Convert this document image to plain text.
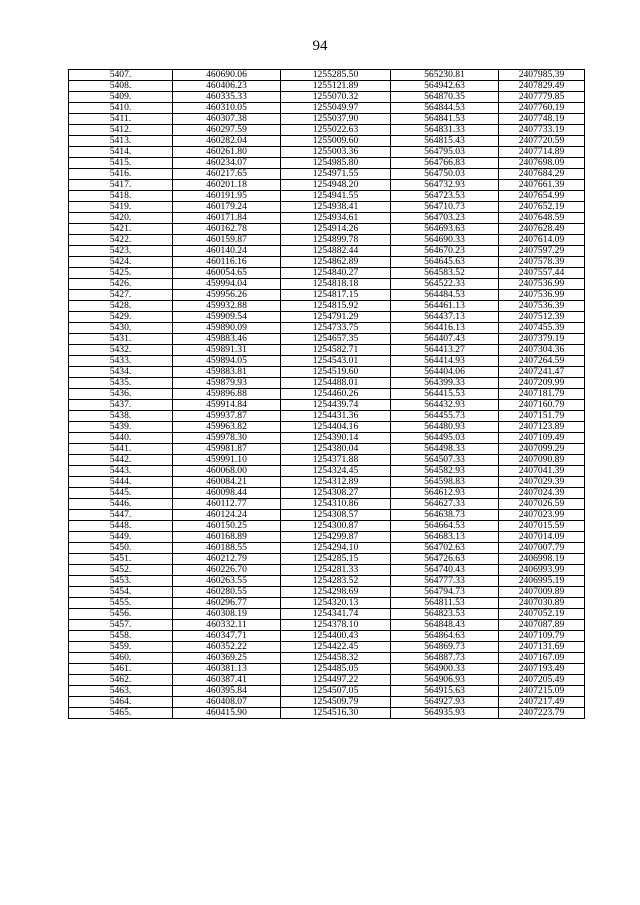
94
5407.	460690.06	1255285.50	565230.81	2407985.39
5408.	460406.23	1255121.89	564942.63	2407829.49
5409.	460335.33	1255070.32	564870.35	2407779.85
5410.	460310.05	1255049.97	564844.53	2407760.19
5411.	460307.38	1255037.90	564841.53	2407748.19
5412.	460297.59	1255022.63	564831.33	2407733.19
5413.	460282.04	1255009.60	564815.43	2407720.59
5414.	460261.80	1255003.36	564795.03	2407714.89
5415.	460234.07	1254985.80	564766.83	2407698.09
5416.	460217.65	1254971.55	564750.03	2407684.29
5417.	460201.18	1254948.20	564732.93	2407661.39
5418.	460191.95	1254941.55	564723.53	2407654.99
5419.	460179.24	1254938.41	564710.73	2407652.19
5420.	460171.84	1254934.61	564703.23	2407648.59
5421.	460162.78	1254914.26	564693.63	2407628.49
5422.	460159.87	1254899.78	564690.33	2407614.09
5423.	460140.24	1254882.44	564670.23	2407597.29
5424.	460116.16	1254862.89	564645.63	2407578.39
5425.	460054.65	1254840.27	564583.52	2407557.44
5426.	459994.04	1254818.18	564522.33	2407536.99
5427.	459956.26	1254817.15	564484.53	2407536.99
5428.	459932.88	1254815.92	564461.13	2407536.39
5429.	459909.54	1254791.29	564437.13	2407512.39
5430.	459890.09	1254733.75	564416.13	2407455.39
5431.	459883.46	1254657.35	564407.43	2407379.19
5432.	459891.31	1254582.71	564413.27	2407304.36
5433.	459894.05	1254543.01	564414.93	2407264.59
5434.	459883.81	1254519.60	564404.06	2407241.47
5435.	459879.93	1254488.01	564399.33	2407209.99
5436.	459896.88	1254460.26	564415.53	2407181.79
5437.	459914.84	1254439.74	564432.93	2407160.79
5438.	459937.87	1254431.36	564455.73	2407151.79
5439.	459963.82	1254404.16	564480.93	2407123.89
5440.	459978.30	1254390.14	564495.03	2407109.49
5441.	459981.87	1254380.04	564498.33	2407099.29
5442.	459991.10	1254371.88	564507.33	2407090.89
5443.	460068.00	1254324.45	564582.93	2407041.39
5444.	460084.21	1254312.89	564598.83	2407029.39
5445.	460098.44	1254308.27	564612.93	2407024.39
5446.	460112.77	1254310.86	564627.33	2407026.59
5447.	460124.24	1254308.57	564638.73	2407023.99
5448.	460150.25	1254300.87	564664.53	2407015.59
5449.	460168.89	1254299.87	564683.13	2407014.09
5450.	460188.55	1254294.10	564702.63	2407007.79
5451.	460212.79	1254285.15	564726.63	2406998.19
5452.	460226.70	1254281.33	564740.43	2406993.99
5453.	460263.55	1254283.52	564777.33	2406995.19
5454.	460280.55	1254298.69	564794.73	2407009.89
5455.	460296.77	1254320.13	564811.53	2407030.89
5456.	460308.19	1254341.74	564823.53	2407052.19
5457.	460332.11	1254378.10	564848.43	2407087.89
5458.	460347.71	1254400.43	564864.63	2407109.79
5459.	460352.22	1254422.45	564869.73	2407131.69
5460.	460369.25	1254458.32	564887.73	2407167.09
5461.	460381.13	1254485.05	564900.33	2407193.49
5462.	460387.41	1254497.22	564906.93	2407205.49
5463.	460395.84	1254507.05	564915.63	2407215.09
5464.	460408.07	1254509.79	564927.93	2407217.49
5465.	460415.90	1254516.30	564935.93	2407223.79
